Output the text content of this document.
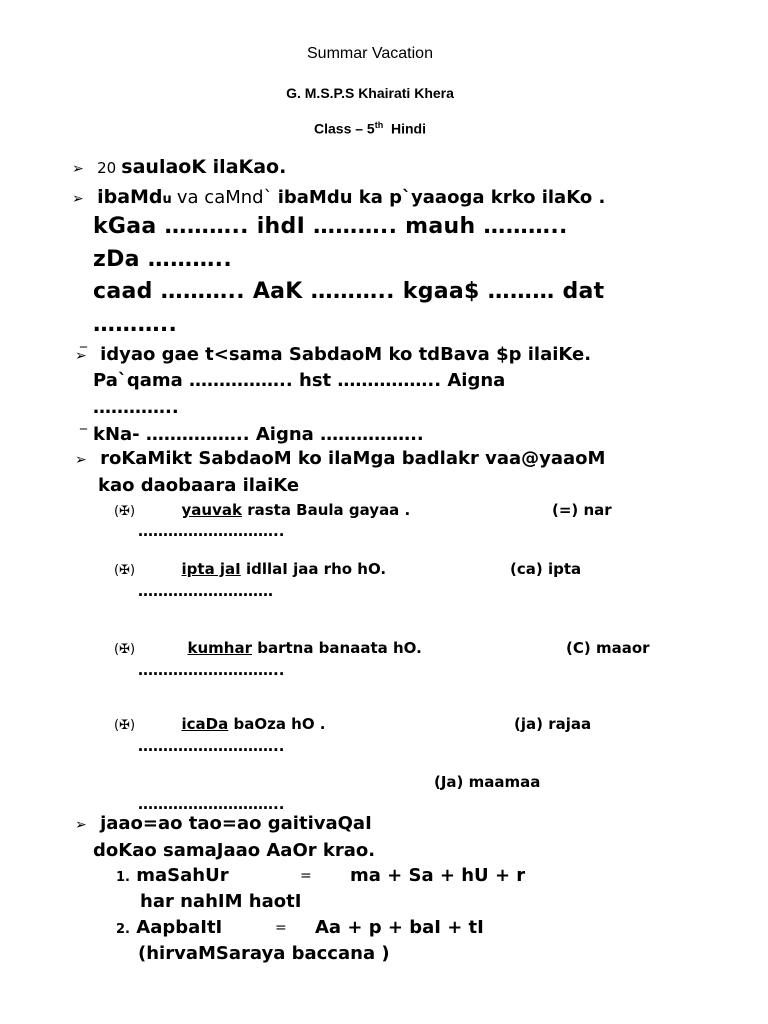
Summar Vacation
G. M.S.P.S Khairati Khera
Class – 5th Hindi
➢ 20 saulaoK ilaKao.
➢ ibaMdu va caMnd` ibaMdu ka p`yaaoga krko ilaKo .
kGaa ……….. ihdI ……….. mauh ………..
zDa ………..
caad ……….. AaK ……….. kgaa$ ……… dat
………..
_
➢ idyao gae t<sama SabdaoM ko tdBava $p ilaiKe.
Pa`qama …………….. hst …………….. Aigna
…………..
_
kNa- …………….. Aigna ……………..
➢ roKaMikt SabdaoM ko ilaMga badlakr vaa@yaaoM
kao daobaara ilaiKe
(✠)	yauvak rasta Baula gayaa .	(=) nar
………………………..
(✠)	ipta jaI idllaI jaa rho hO.	(ca) ipta
………………………
(✠)	kumhar bartna banaata hO.	(C) maaor
………………………..
(✠)	icaDa baOza hO .	(ja) rajaa
………………………..
(Ja) maamaa
………………………..
➢ jaao=ao tao=ao gaitivaQaI
doKao samaJaao AaOr krao.
1. maSahUr	= ma + Sa + hU + r
har nahIM haotI
2. AapbaItI	= Aa + p + baI + tI
(hirvaMSaraya baccana )
